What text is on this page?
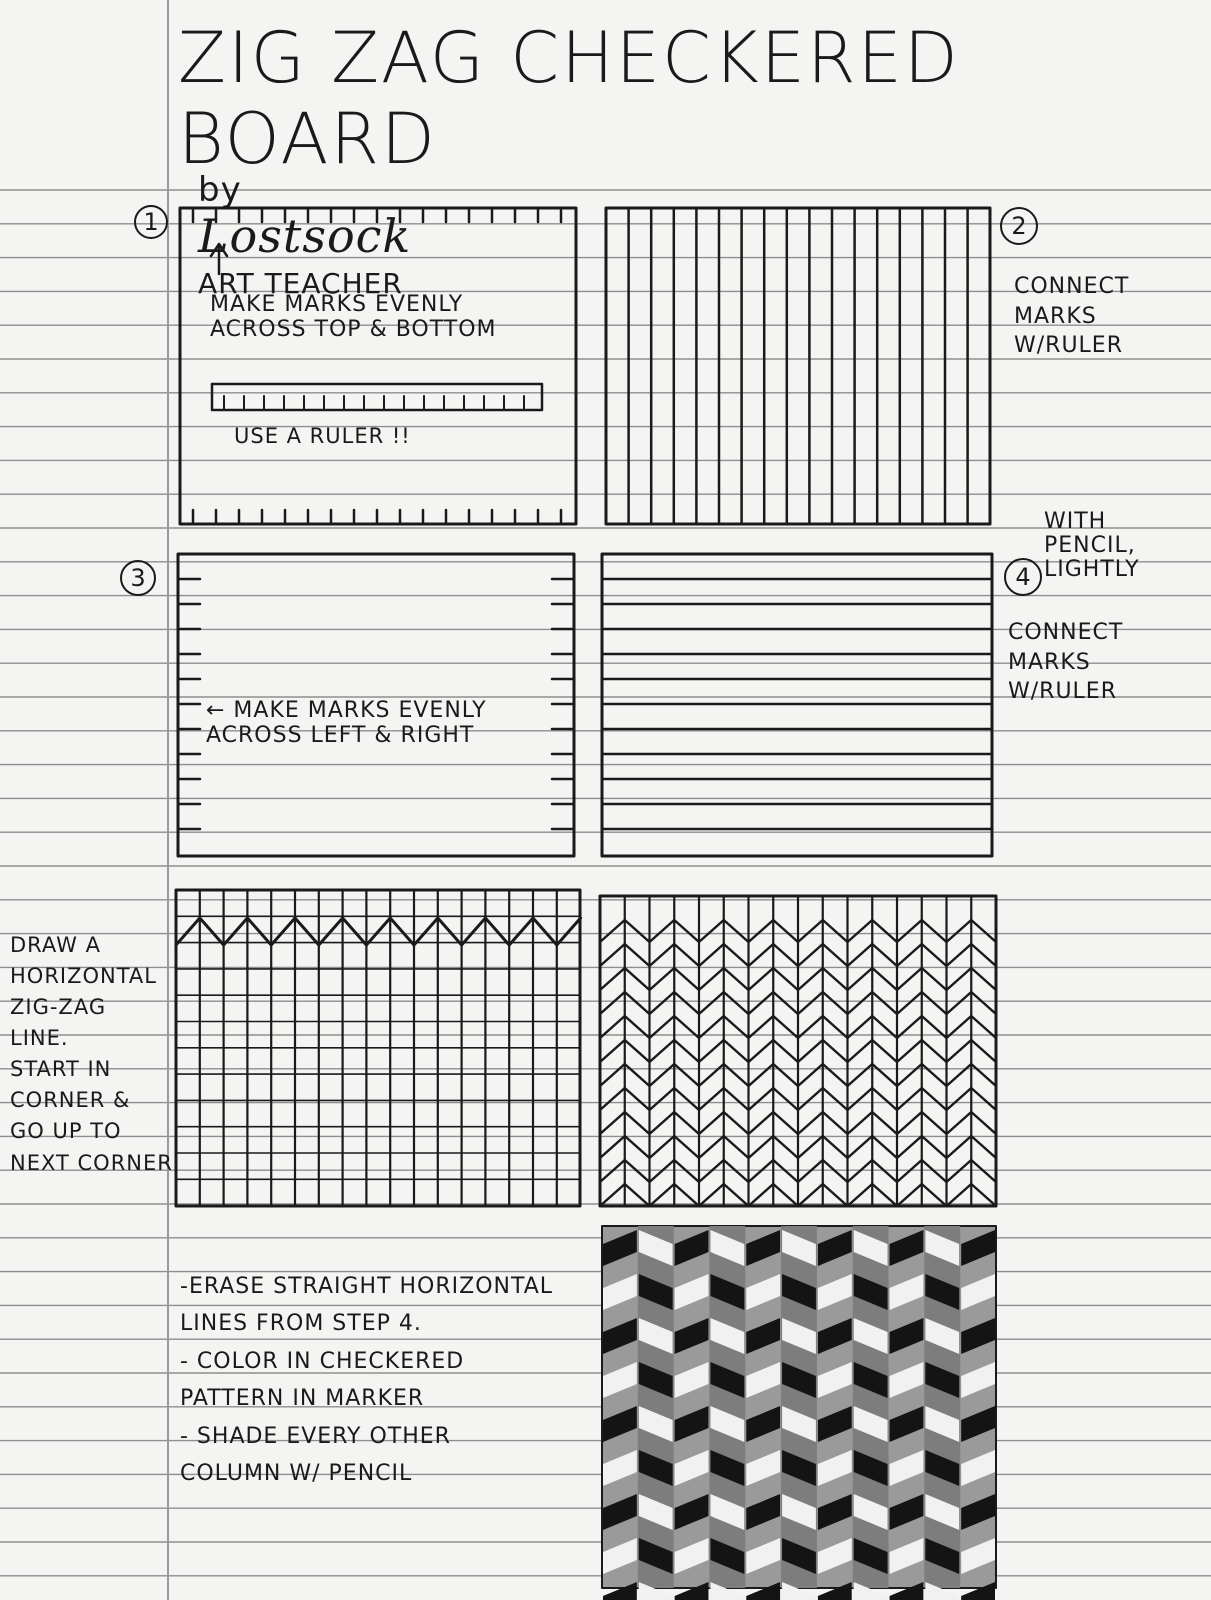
ZIG ZAG CHECKERED BOARD

by
Lostsock
ART TEACHER

1	2
3	4
MAKE MARKS EVENLY
ACROSS TOP & BOTTOM
USE A RULER !!
CONNECT
MARKS
W/RULER
← MAKE MARKS EVENLY
ACROSS LEFT & RIGHT
WITH
PENCIL,
LIGHTLY
CONNECT
MARKS
W/RULER
DRAW A
HORIZONTAL
ZIG-ZAG
LINE.
START IN
CORNER &
GO UP TO
NEXT CORNER
-ERASE STRAIGHT HORIZONTAL
LINES FROM STEP 4.
- COLOR IN CHECKERED
PATTERN IN MARKER
- SHADE EVERY OTHER
COLUMN W/ PENCIL
